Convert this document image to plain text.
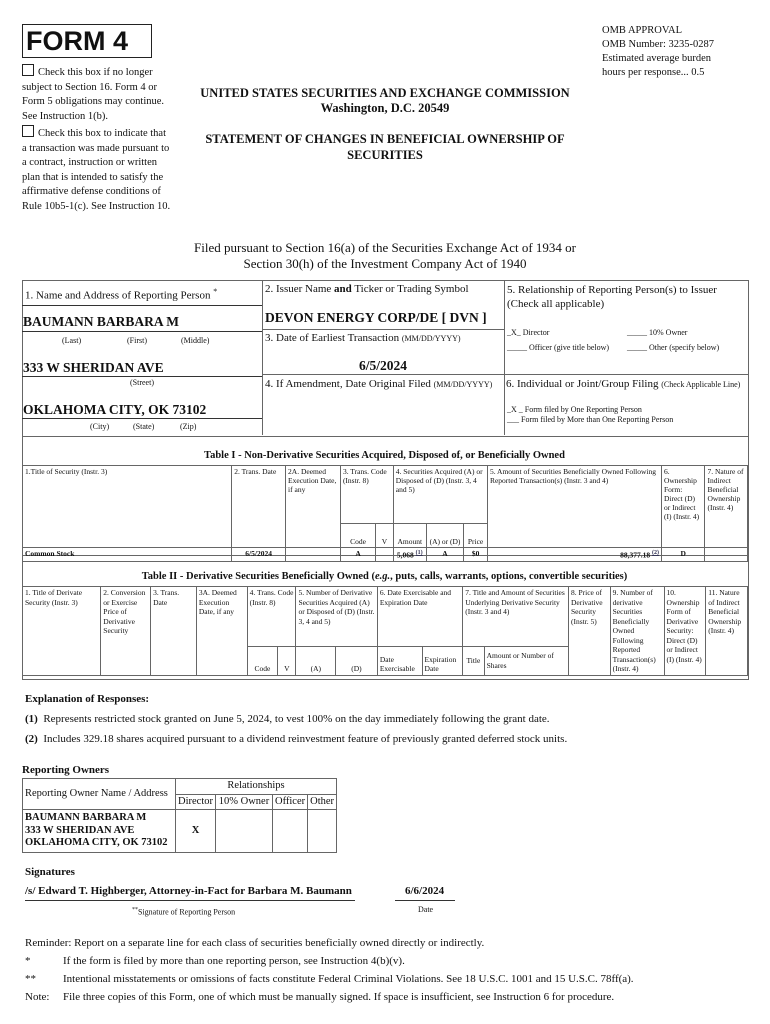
FORM 4	OMB APPROVAL
OMB Number: 3235-0287
Estimated average burden
hours per response... 0.5
Check this box if no longer subject to Section 16. Form 4 or Form 5 obligations may continue. See Instruction 1(b).
Check this box to indicate that a transaction was made pursuant to a contract, instruction or written plan that is intended to satisfy the affirmative defense conditions of Rule 10b5-1(c). See Instruction 10.
UNITED STATES SECURITIES AND EXCHANGE COMMISSION
Washington, D.C. 20549
STATEMENT OF CHANGES IN BENEFICIAL OWNERSHIP OF
SECURITIES
Filed pursuant to Section 16(a) of the Securities Exchange Act of 1934 or
Section 30(h) of the Investment Company Act of 1940
1. Name and Address of Reporting Person *
BAUMANN BARBARA M
(Last)	(First)	(Middle)
333 W SHERIDAN AVE
(Street)
OKLAHOMA CITY, OK 73102
(City)	(State)	(Zip)
2. Issuer Name and Ticker or Trading Symbol
DEVON ENERGY CORP/DE [ DVN ]
3. Date of Earliest Transaction (MM/DD/YYYY)
6/5/2024
4. If Amendment, Date Original Filed (MM/DD/YYYY)
5. Relationship of Reporting Person(s) to Issuer
(Check all applicable)
_X_ Director	_____ 10% Owner
_____ Officer (give title below) _____ Other (specify below)
6. Individual or Joint/Group Filing (Check Applicable Line)
_X _ Form filed by One Reporting Person
___ Form filed by More than One Reporting Person
Table I - Non-Derivative Securities Acquired, Disposed of, or Beneficially Owned
1.Title of Security (Instr. 3)	2. Trans. Date	2A. Deemed Execution Date, if any	3. Trans. Code (Instr. 8)		4. Securities Acquired (A) or Disposed of (D) (Instr. 3, 4 and 5)			5. Amount of Securities Beneficially Owned Following Reported Transaction(s) (Instr. 3 and 4)	6. Ownership Form: Direct (D) or Indirect (I) (Instr. 4)	7. Nature of Indirect Beneficial Ownership (Instr. 4)
			Code	V	Amount	(A) or (D)	Price			
Common Stock	6/5/2024		A		5,068 $^{(1)}$	A	$0	88,377.18 $^{(2)}$	D	
Table II - Derivative Securities Beneficially Owned (e.g., puts, calls, warrants, options, convertible securities)
1. Title of Derivate Security (Instr. 3)	2. Conversion or Exercise Price of Derivative Security	3. Trans. Date	3A. Deemed Execution Date, if any	4. Trans. Code (Instr. 8)		5. Number of Derivative Securities Acquired (A) or Disposed of (D) (Instr. 3, 4 and 5)		6. Date Exercisable and Expiration Date		7. Title and Amount of Securities Underlying Derivative Security (Instr. 3 and 4)		8. Price of Derivative Security (Instr. 5)	9. Number of derivative Securities Beneficially Owned Following Reported Transaction(s) (Instr. 4)	10. Ownership Form of Derivative Security: Direct (D) or Indirect (I) (Instr. 4)	11. Nature of Indirect Beneficial Ownership (Instr. 4)
				Code	V	(A)	(D)	Date Exercisable	Expiration Date	Title	Amount or Number of Shares				
Explanation of Responses:
(1) Represents restricted stock granted on June 5, 2024, to vest 100% on the day immediately following the grant date.
(2) Includes 329.18 shares acquired pursuant to a dividend reinvestment feature of previously granted deferred stock units.
Reporting Owners
Reporting Owner Name / Address	Relationships			
	Director	10% Owner	Officer	Other

BAUMANN BARBARA M
333 W SHERIDAN AVE
OKLAHOMA CITY, OK 73102	X			
Signatures
/s/ Edward T. Highberger, Attorney-in-Fact for Barbara M. Baumann	6/6/2024
**Signature of Reporting Person	Date
Reminder: Report on a separate line for each class of securities beneficially owned directly or indirectly.
*	If the form is filed by more than one reporting person, see Instruction 4(b)(v).
** Intentional misstatements or omissions of facts constitute Federal Criminal Violations. See 18 U.S.C. 1001 and 15 U.S.C. 78ff(a).
Note: File three copies of this Form, one of which must be manually signed. If space is insufficient, see Instruction 6 for procedure.
